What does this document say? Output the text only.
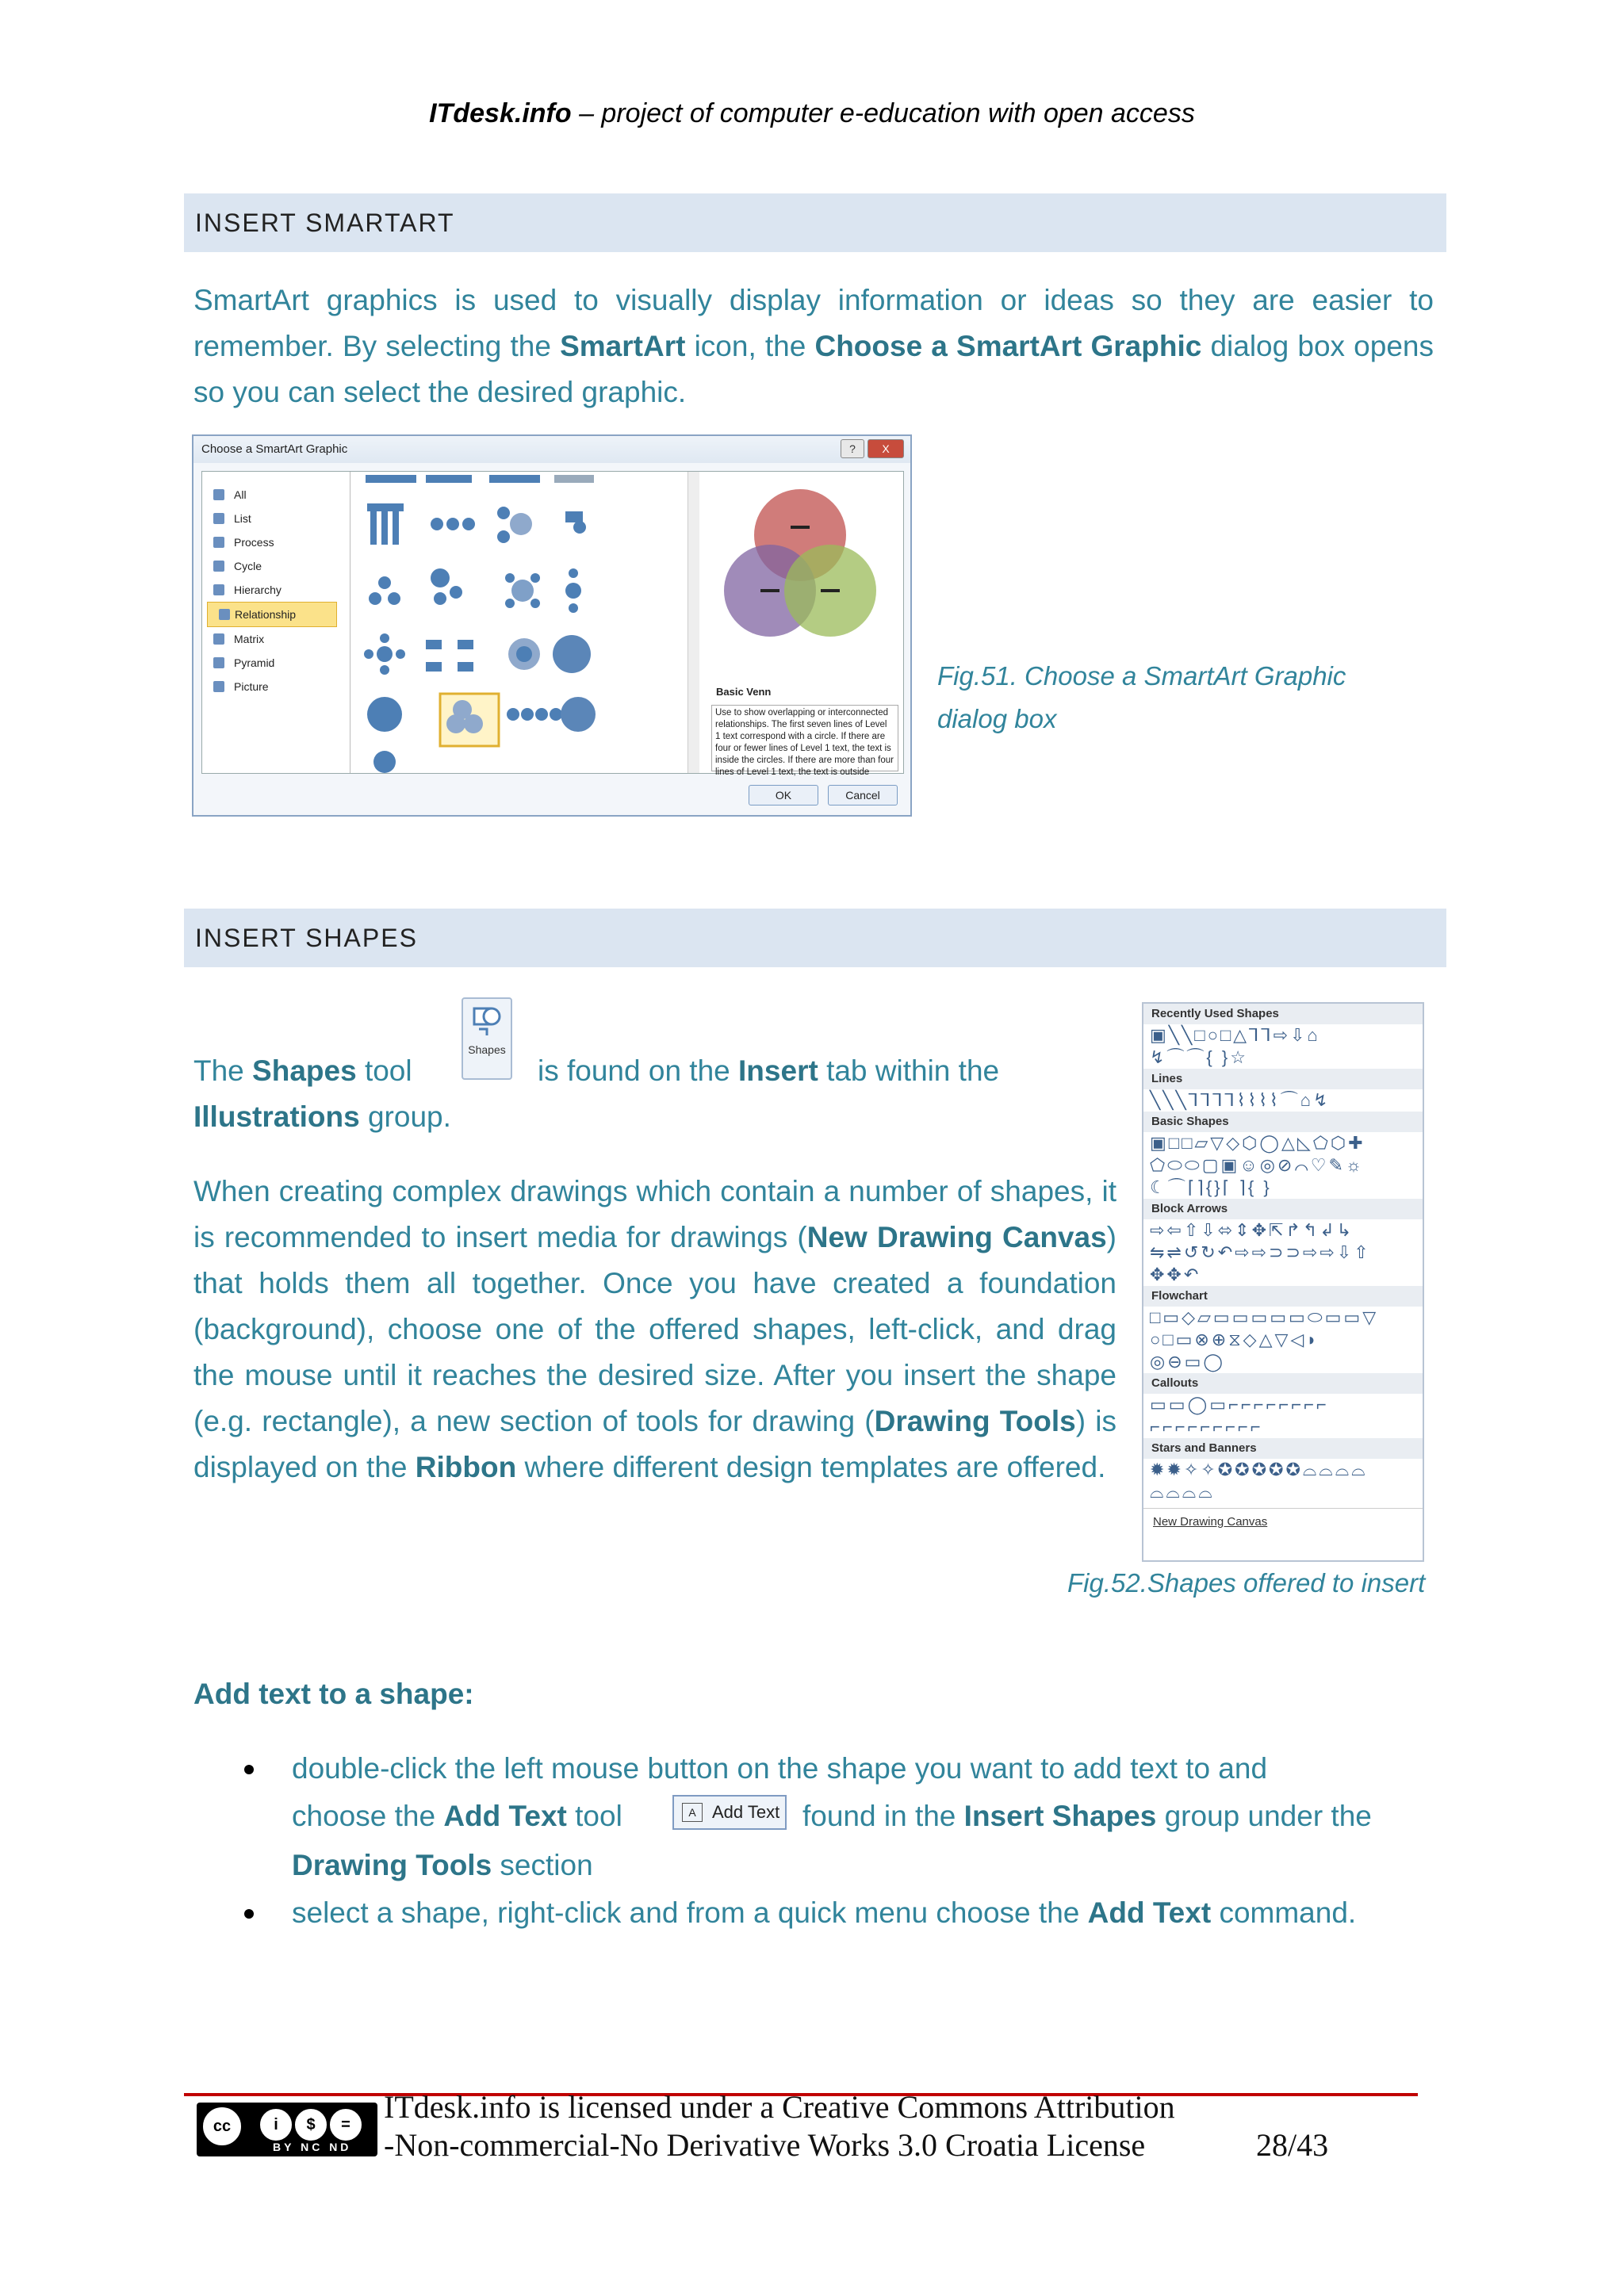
ITdesk.info – project of computer e-education with open access
INSERT SMARTART
SmartArt graphics is used to visually display information or ideas so they are easier to remember. By selecting the SmartArt icon, the Choose a SmartArt Graphic dialog box opens so you can select the desired graphic.
Choose a SmartArt Graphic	?	X
All
List
Process
Cycle
Hierarchy
Relationship
Matrix
Pyramid
Picture	Basic Venn
Use to show overlapping or interconnected relationships. The first seven lines of Level 1 text correspond with a circle. If there are four or fewer lines of Level 1 text, the text is inside the circles. If there are more than four lines of Level 1 text, the text is outside
OK	Cancel
Fig.51. Choose a SmartArt Graphic
dialog box
INSERT SHAPES
Shapes
The Shapes tool	is found on the Insert tab within the
Illustrations group.
When creating complex drawings which contain a number of shapes, it is recommended to insert media for drawings (New Drawing Canvas) that holds them all together. Once you have created a foundation (background), choose one of the offered shapes, left-click, and drag the mouse until it reaches the desired size. After you insert the shape (e.g. rectangle), a new section of tools for drawing (Drawing Tools) is displayed on the Ribbon where different design templates are offered.
Recently Used Shapes
▣╲╲□○□△⅂⅂⇨⇩⌂
↯⌒⌒{ }☆
Lines
╲╲╲⅂⅂⅂⅂⌇⌇⌇⌇⌒⌂↯
Basic Shapes
▣□□▱▽◇⬡◯△◺⬠⬡✚
⬠⬭⬭▢▣☺◎⊘⌒♡✎☼
☾⌒⌈⌉{}⌈ ⌉{ }
Block Arrows
⇨⇦⇧⇩⬄⇕✥⇱↱↰↲↳
⇋⇌↺↻↶⇨⇨⊃⊃⇨⇨⇩⇧
✥✥↶
Flowchart
□▭◇▱▭▭▭▭▭⬭▭▭▽
○□▭⊗⊕⧖◇△▽◁◗
◎⊖▭◯
Callouts
▭▭◯▭⌐⌐⌐⌐⌐⌐⌐⌐
⌐⌐⌐⌐⌐⌐⌐⌐⌐
Stars and Banners
✹✹✧✧✪✪✪✪✪⌓⌓⌓⌓
⌓⌓⌓⌓
New Drawing Canvas
Fig.52.Shapes offered to insert
Add text to a shape:
double-click the left mouse button on the shape you want to add text to and
choose the Add Text tool
A	Add Text found in the Insert Shapes group under the
Drawing Tools section
select a shape, right-click and from a quick menu choose the Add Text command.
cc	i	$	=
BY NC ND
ITdesk.info is licensed under a Creative Commons Attribution
-Non-commercial-No Derivative Works 3.0 Croatia License	28/43
